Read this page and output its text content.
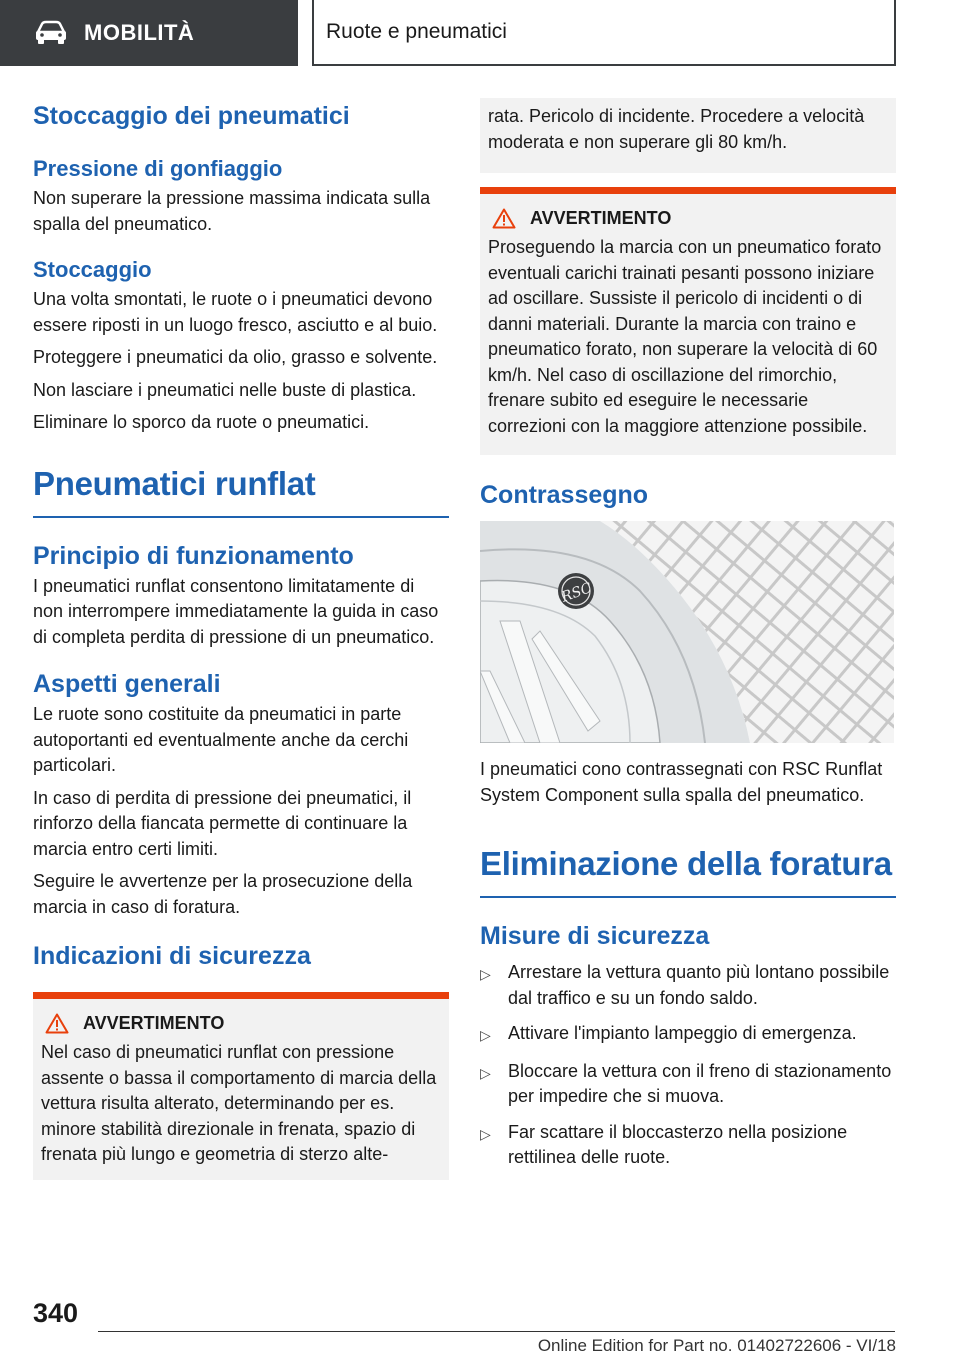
MOBILITÀ	Ruote e pneumatici
Stoccaggio dei pneumatici
Pressione di gonfiaggio

Non superare la pressione massima indicata sulla spalla del pneumatico.

Stoccaggio

Una volta smontati, le ruote o i pneumatici devono essere riposti in un luogo fresco, asciutto e al buio.

Proteggere i pneumatici da olio, grasso e solvente.

Non lasciare i pneumatici nelle buste di plastica.

Eliminare lo sporco da ruote o pneumatici.

Pneumatici runflat
Principio di funzionamento

I pneumatici runflat consentono limitatamente di non interrompere immediatamente la guida in caso di completa perdita di pressione di un pneumatico.

Aspetti generali

Le ruote sono costituite da pneumatici in parte autoportanti ed eventualmente anche da cerchi particolari.

In caso di perdita di pressione dei pneumatici, il rinforzo della fiancata permette di continuare la marcia entro certi limiti.

Seguire le avvertenze per la prosecuzione della marcia in caso di foratura.

Indicazioni di sicurezza
AVVERTIMENTO

Nel caso di pneumatici runflat con pressione assente o bassa il comportamento di marcia della vettura risulta alterato, determinando per es. minore stabilità direzionale in frenata, spazio di frenata più lungo e geometria di sterzo alte-

rata. Pericolo di incidente. Procedere a velocità moderata e non superare gli 80 km/h.

AVVERTIMENTO

Proseguendo la marcia con un pneumatico forato eventuali carichi trainati pesanti possono iniziare ad oscillare. Sussiste il pericolo di incidenti o di danni materiali. Durante la marcia con traino e pneumatico forato, non superare la velocità di 60 km/h. Nel caso di oscillazione del rimorchio, frenare subito ed eseguire le necessarie correzioni con la maggiore attenzione possibile.

Contrassegno
RSC

I pneumatici cono contrassegnati con RSC Runflat System Component sulla spalla del pneumatico.

Eliminazione della foratura
Misure di sicurezza
▷ Arrestare la vettura quanto più lontano possibile dal traffico e su un fondo saldo.
▷ Attivare l'impianto lampeggio di emergenza.
▷ Bloccare la vettura con il freno di stazionamento per impedire che si muova.
▷ Far scattare il bloccasterzo nella posizione rettilinea delle ruote.
340
Online Edition for Part no. 01402722606 - VI/18
